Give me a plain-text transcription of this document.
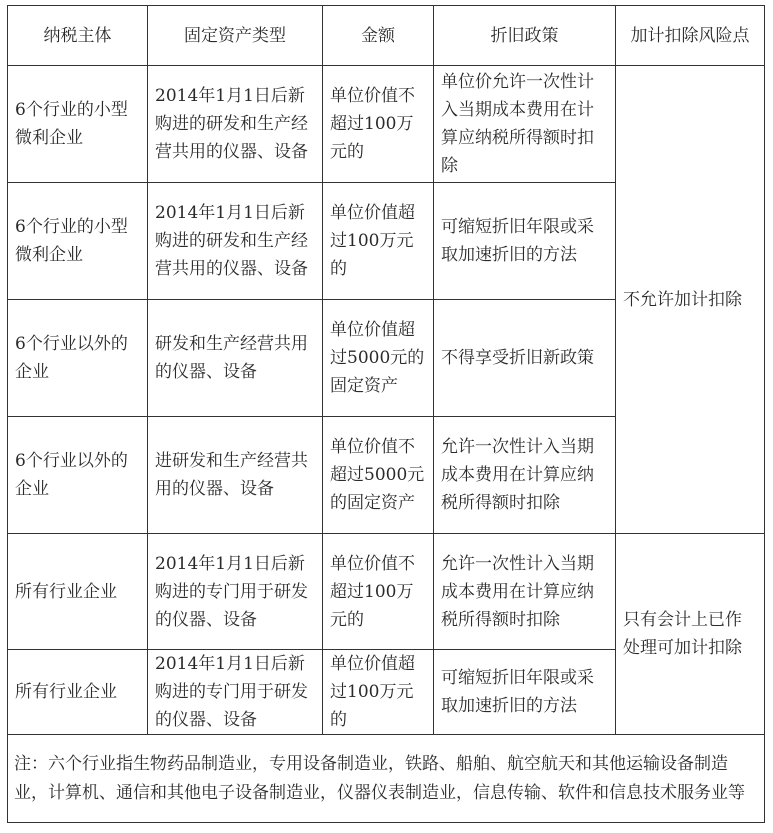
纳税主体	固定资产类型	金额	折旧政策	加计扣除风险点
6个行业的小型微利企业	2014年1月1日后新购进的研发和生产经营共用的仪器、设备	单位价值不超过100万元的	单位价允许一次性计入当期成本费用在计算应纳税所得额时扣除	不允许加计扣除
6个行业的小型微利企业	2014年1月1日后新购进的研发和生产经营共用的仪器、设备	单位价值超过100万元的	可缩短折旧年限或采取加速折旧的方法	
6个行业以外的企业	研发和生产经营共用的仪器、设备	单位价值超过5000元的固定资产	不得享受折旧新政策	
6个行业以外的企业	进研发和生产经营共用的仪器、设备	单位价值不超过5000元的固定资产	允许一次性计入当期成本费用在计算应纳税所得额时扣除	
所有行业企业	2014年1月1日后新购进的专门用于研发的仪器、设备	单位价值不超过100万元的	允许一次性计入当期成本费用在计算应纳税所得额时扣除	只有会计上已作处理可加计扣除
所有行业企业	2014年1月1日后新购进的专门用于研发的仪器、设备	单位价值超过100万元的	可缩短折旧年限或采取加速折旧的方法	
注：六个行业指生物药品制造业，专用设备制造业，铁路、船舶、航空航天和其他运输设备制造业，计算机、通信和其他电子设备制造业，仪器仪表制造业，信息传输、软件和信息技术服务业等				
